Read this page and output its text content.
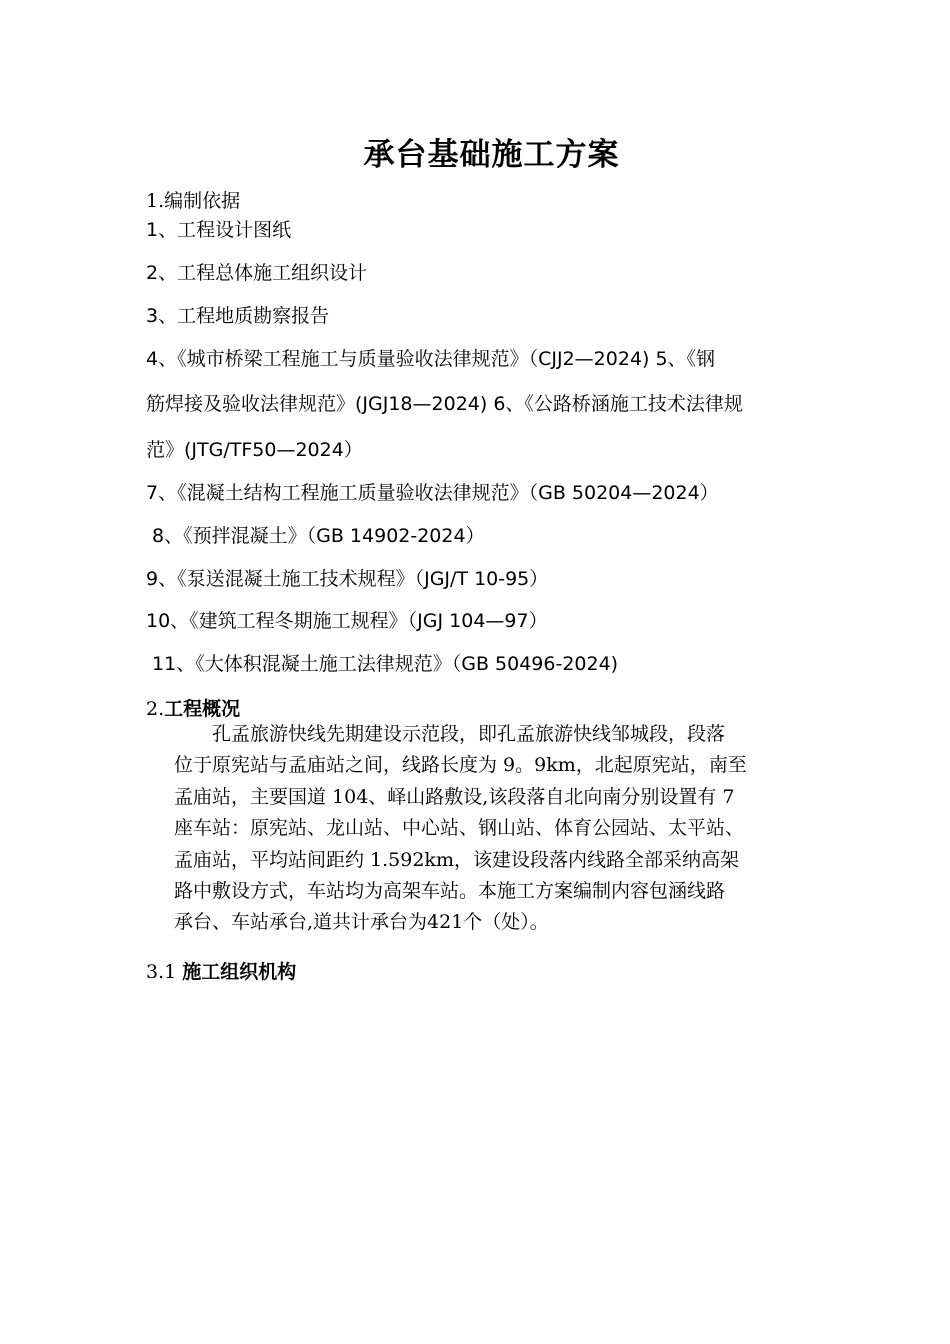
承台基础施工方案
1.编制依据
1、工程设计图纸
2、工程总体施工组织设计
3、工程地质勘察报告
4、《城市桥梁工程施工与质量验收法律规范》（CJJ2—2024) 5、《钢
筋焊接及验收法律规范》(JGJ18—2024) 6、《公路桥涵施工技术法律规
范》(JTG/TF50—2024）
7、《混凝土结构工程施工质量验收法律规范》（GB 50204—2024）
8、《预拌混凝土》（GB 14902-2024）
9、《泵送混凝土施工技术规程》（JGJ/T 10-95）
10、《建筑工程冬期施工规程》（JGJ 104—97）
11、《大体积混凝土施工法律规范》（GB 50496-2024)
2.工程概况
　　孔孟旅游快线先期建设示范段，即孔孟旅游快线邹城段，段落
位于原宪站与孟庙站之间，线路长度为 9。9km，北起原宪站，南至
孟庙站，主要国道 104、峄山路敷设,该段落自北向南分别设置有 7
座车站：原宪站、龙山站、中心站、钢山站、体育公园站、太平站、
孟庙站，平均站间距约 1.592km，该建设段落内线路全部采纳高架
路中敷设方式，车站均为高架车站。本施工方案编制内容包涵线路
承台、车站承台,道共计承台为421个（处）。
3.1 施工组织机构
